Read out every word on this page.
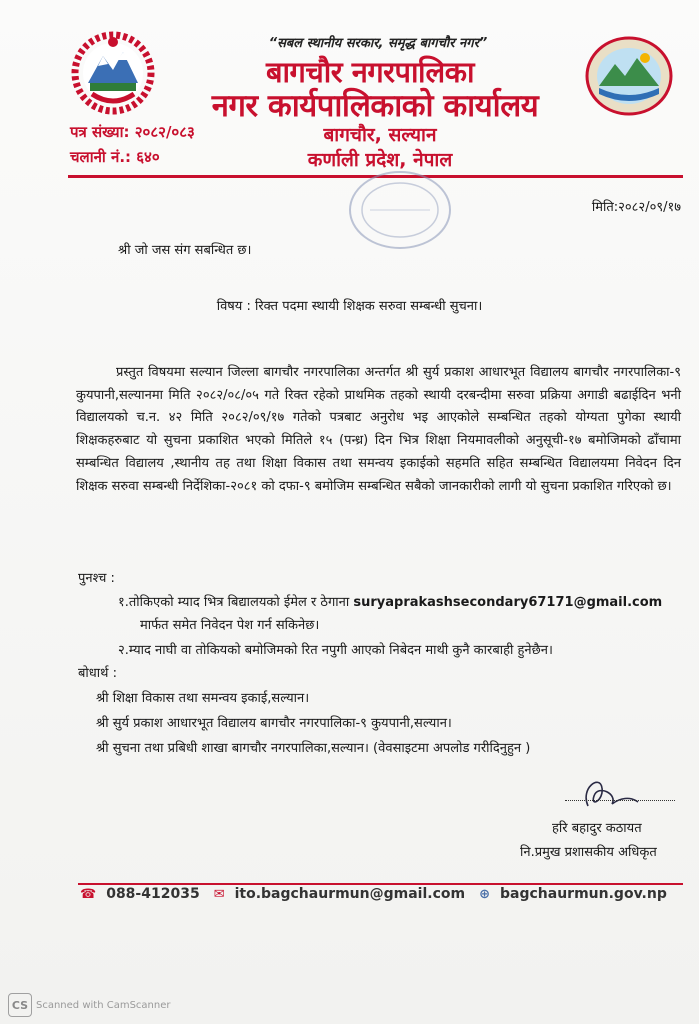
“सबल स्थानीय सरकार, समृद्ध बागचौर नगर”
बागचौर नगरपालिका
नगर कार्यपालिकाको कार्यालय
पत्र संख्या: २०८२/०८३
चलानी नं.: ६४०
बागचौर, सल्यान
कर्णाली प्रदेश, नेपाल
मिति:२०८२/०९/१७
श्री जो जस संग सबन्धित छ।
विषय : रिक्त पदमा स्थायी शिक्षक सरुवा सम्बन्धी सुचना।
प्रस्तुत विषयमा सल्यान जिल्ला बागचौर नगरपालिका अन्तर्गत श्री सुर्य प्रकाश आधारभूत विद्यालय बागचौर नगरपालिका-९ कुयपानी,सल्यानमा मिति २०८२/०८/०५ गते रिक्त रहेको प्राथमिक तहको स्थायी दरबन्दीमा सरुवा प्रक्रिया अगाडी बढाईदिन भनी विद्यालयको च.न. ४२ मिति २०८२/०९/१७ गतेको पत्रबाट अनुरोध भइ आएकोले सम्बन्धित तहको योग्यता पुगेका स्थायी शिक्षकहरुबाट यो सुचना प्रकाशित भएको मितिले १५ (पन्ध्र) दिन भित्र शिक्षा नियमावलीको अनुसूची-१७ बमोजिमको ढाँचामा सम्बन्धित विद्यालय ,स्थानीय तह तथा शिक्षा विकास तथा समन्वय इकाईको सहमति सहित सम्बन्धित विद्यालयमा निवेदन दिन शिक्षक सरुवा सम्बन्धी निर्देशिका-२०८१ को दफा-९ बमोजिम सम्बन्धित सबैको जानकारीको लागी यो सुचना प्रकाशित गरिएको छ।
पुनश्च :
१.तोकिएको म्याद भित्र बिद्यालयको ईमेल र ठेगाना suryaprakashsecondary67171@gmail.com
मार्फत समेत निवेदन पेश गर्न सकिनेछ।
२.म्याद नाघी वा तोकियको बमोजिमको रित नपुगी आएको निबेदन माथी कुनै कारबाही हुनेछैन।
बोधार्थ :
श्री शिक्षा विकास तथा समन्वय इकाई,सल्यान।
श्री सुर्य प्रकाश आधारभूत विद्यालय बागचौर नगरपालिका-९ कुयपानी,सल्यान।
श्री सुचना तथा प्रबिधी शाखा बागचौर नगरपालिका,सल्यान। (वेवसाइटमा अपलोड गरीदिनुहुन )
हरि बहादुर कठायत
नि.प्रमुख प्रशासकीय अधिकृत
☎ 088-412035 ✉ ito.bagchaurmun@gmail.com ⊕ bagchaurmun.gov.np
CS Scanned with CamScanner
